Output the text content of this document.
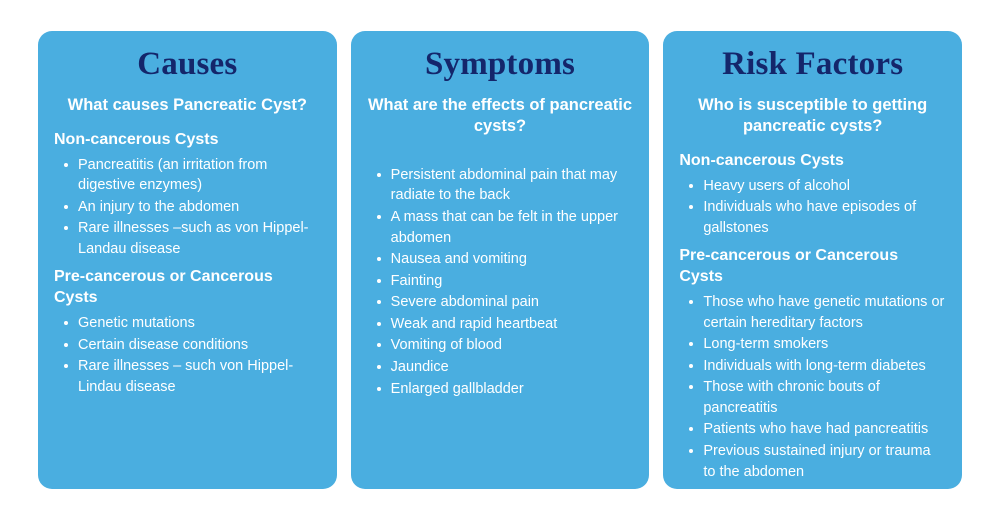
Causes
What causes Pancreatic Cyst?
Non-cancerous Cysts
Pancreatitis (an irritation from digestive enzymes)
An injury to the abdomen
Rare illnesses –such as von Hippel-Landau disease
Pre-cancerous or Cancerous Cysts
Genetic mutations
Certain disease conditions
Rare illnesses – such von Hippel-Lindau disease
Symptoms
What are the effects of pancreatic cysts?
Persistent abdominal pain that may radiate to the back
A mass that can be felt in the upper abdomen
Nausea and vomiting
Fainting
Severe abdominal pain
Weak and rapid heartbeat
Vomiting of blood
Jaundice
Enlarged gallbladder
Risk Factors
Who is susceptible to getting pancreatic cysts?
Non-cancerous Cysts
Heavy users of alcohol
Individuals who have episodes of gallstones
Pre-cancerous or Cancerous Cysts
Those who have genetic mutations or certain hereditary factors
Long-term smokers
Individuals with long-term diabetes
Those with chronic bouts of pancreatitis
Patients who have had pancreatitis
Previous sustained injury or trauma to the abdomen
